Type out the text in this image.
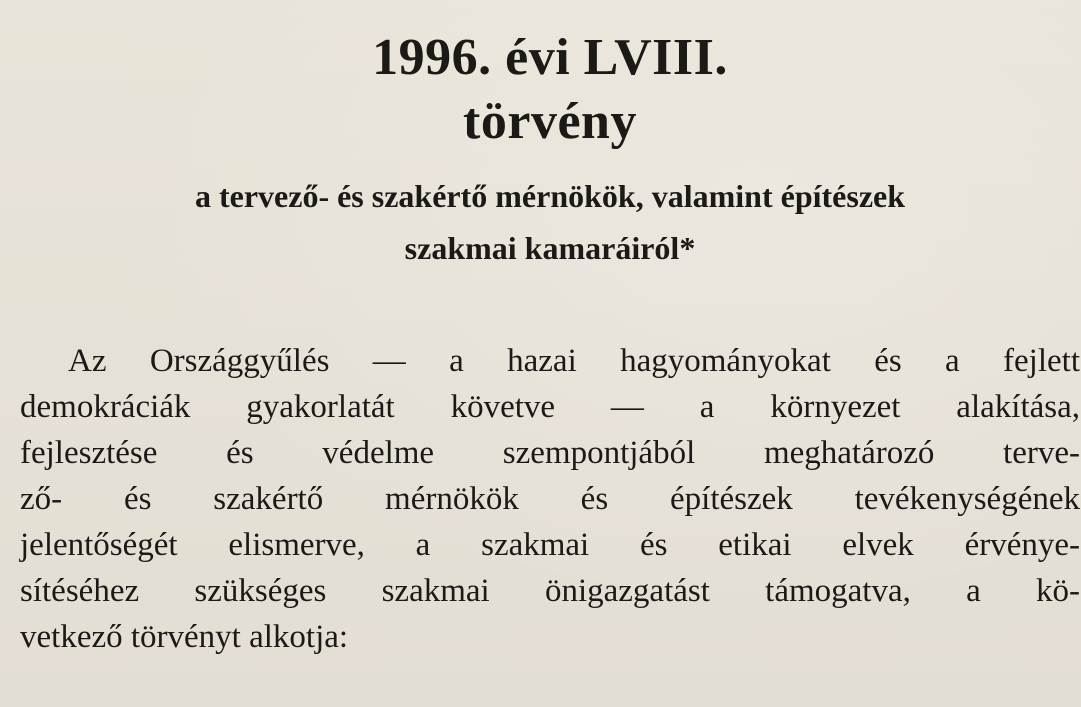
1996. évi LVIII.
törvény
a tervező- és szakértő mérnökök, valamint építészek
szakmai kamaráiról*

Az Országgyűlés — a hazai hagyományokat és a fejlett
demokráciák gyakorlatát követve — a környezet alakítása,
fejlesztése és védelme szempontjából meghatározó terve-
ző- és szakértő mérnökök és építészek tevékenységének
jelentőségét elismerve, a szakmai és etikai elvek érvénye-
sítéséhez szükséges szakmai önigazgatást támogatva, a kö-
vetkező törvényt alkotja:
